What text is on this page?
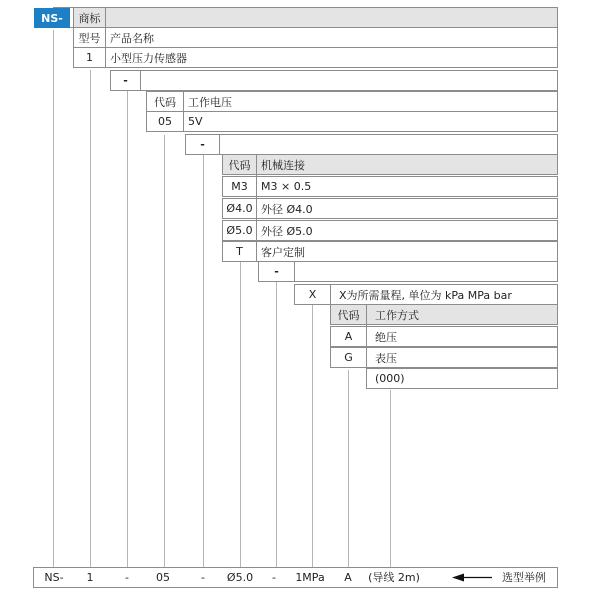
NS-	商标
型号 产品名称
1	小型压力传感器
-
代码	工作电压
05	5V
-
代码 机械连接
M3	M3 × 0.5
Ø4.0 外径 Ø4.0
Ø5.0 外径 Ø5.0
T	客户定制
-
X	X为所需量程, 单位为 kPa MPa bar
代码	工作方式
A	绝压
G	表压
(000)
NS-	1	-	05	-	Ø5.0	-	1MPa	A	(导线 2m)	选型举例
